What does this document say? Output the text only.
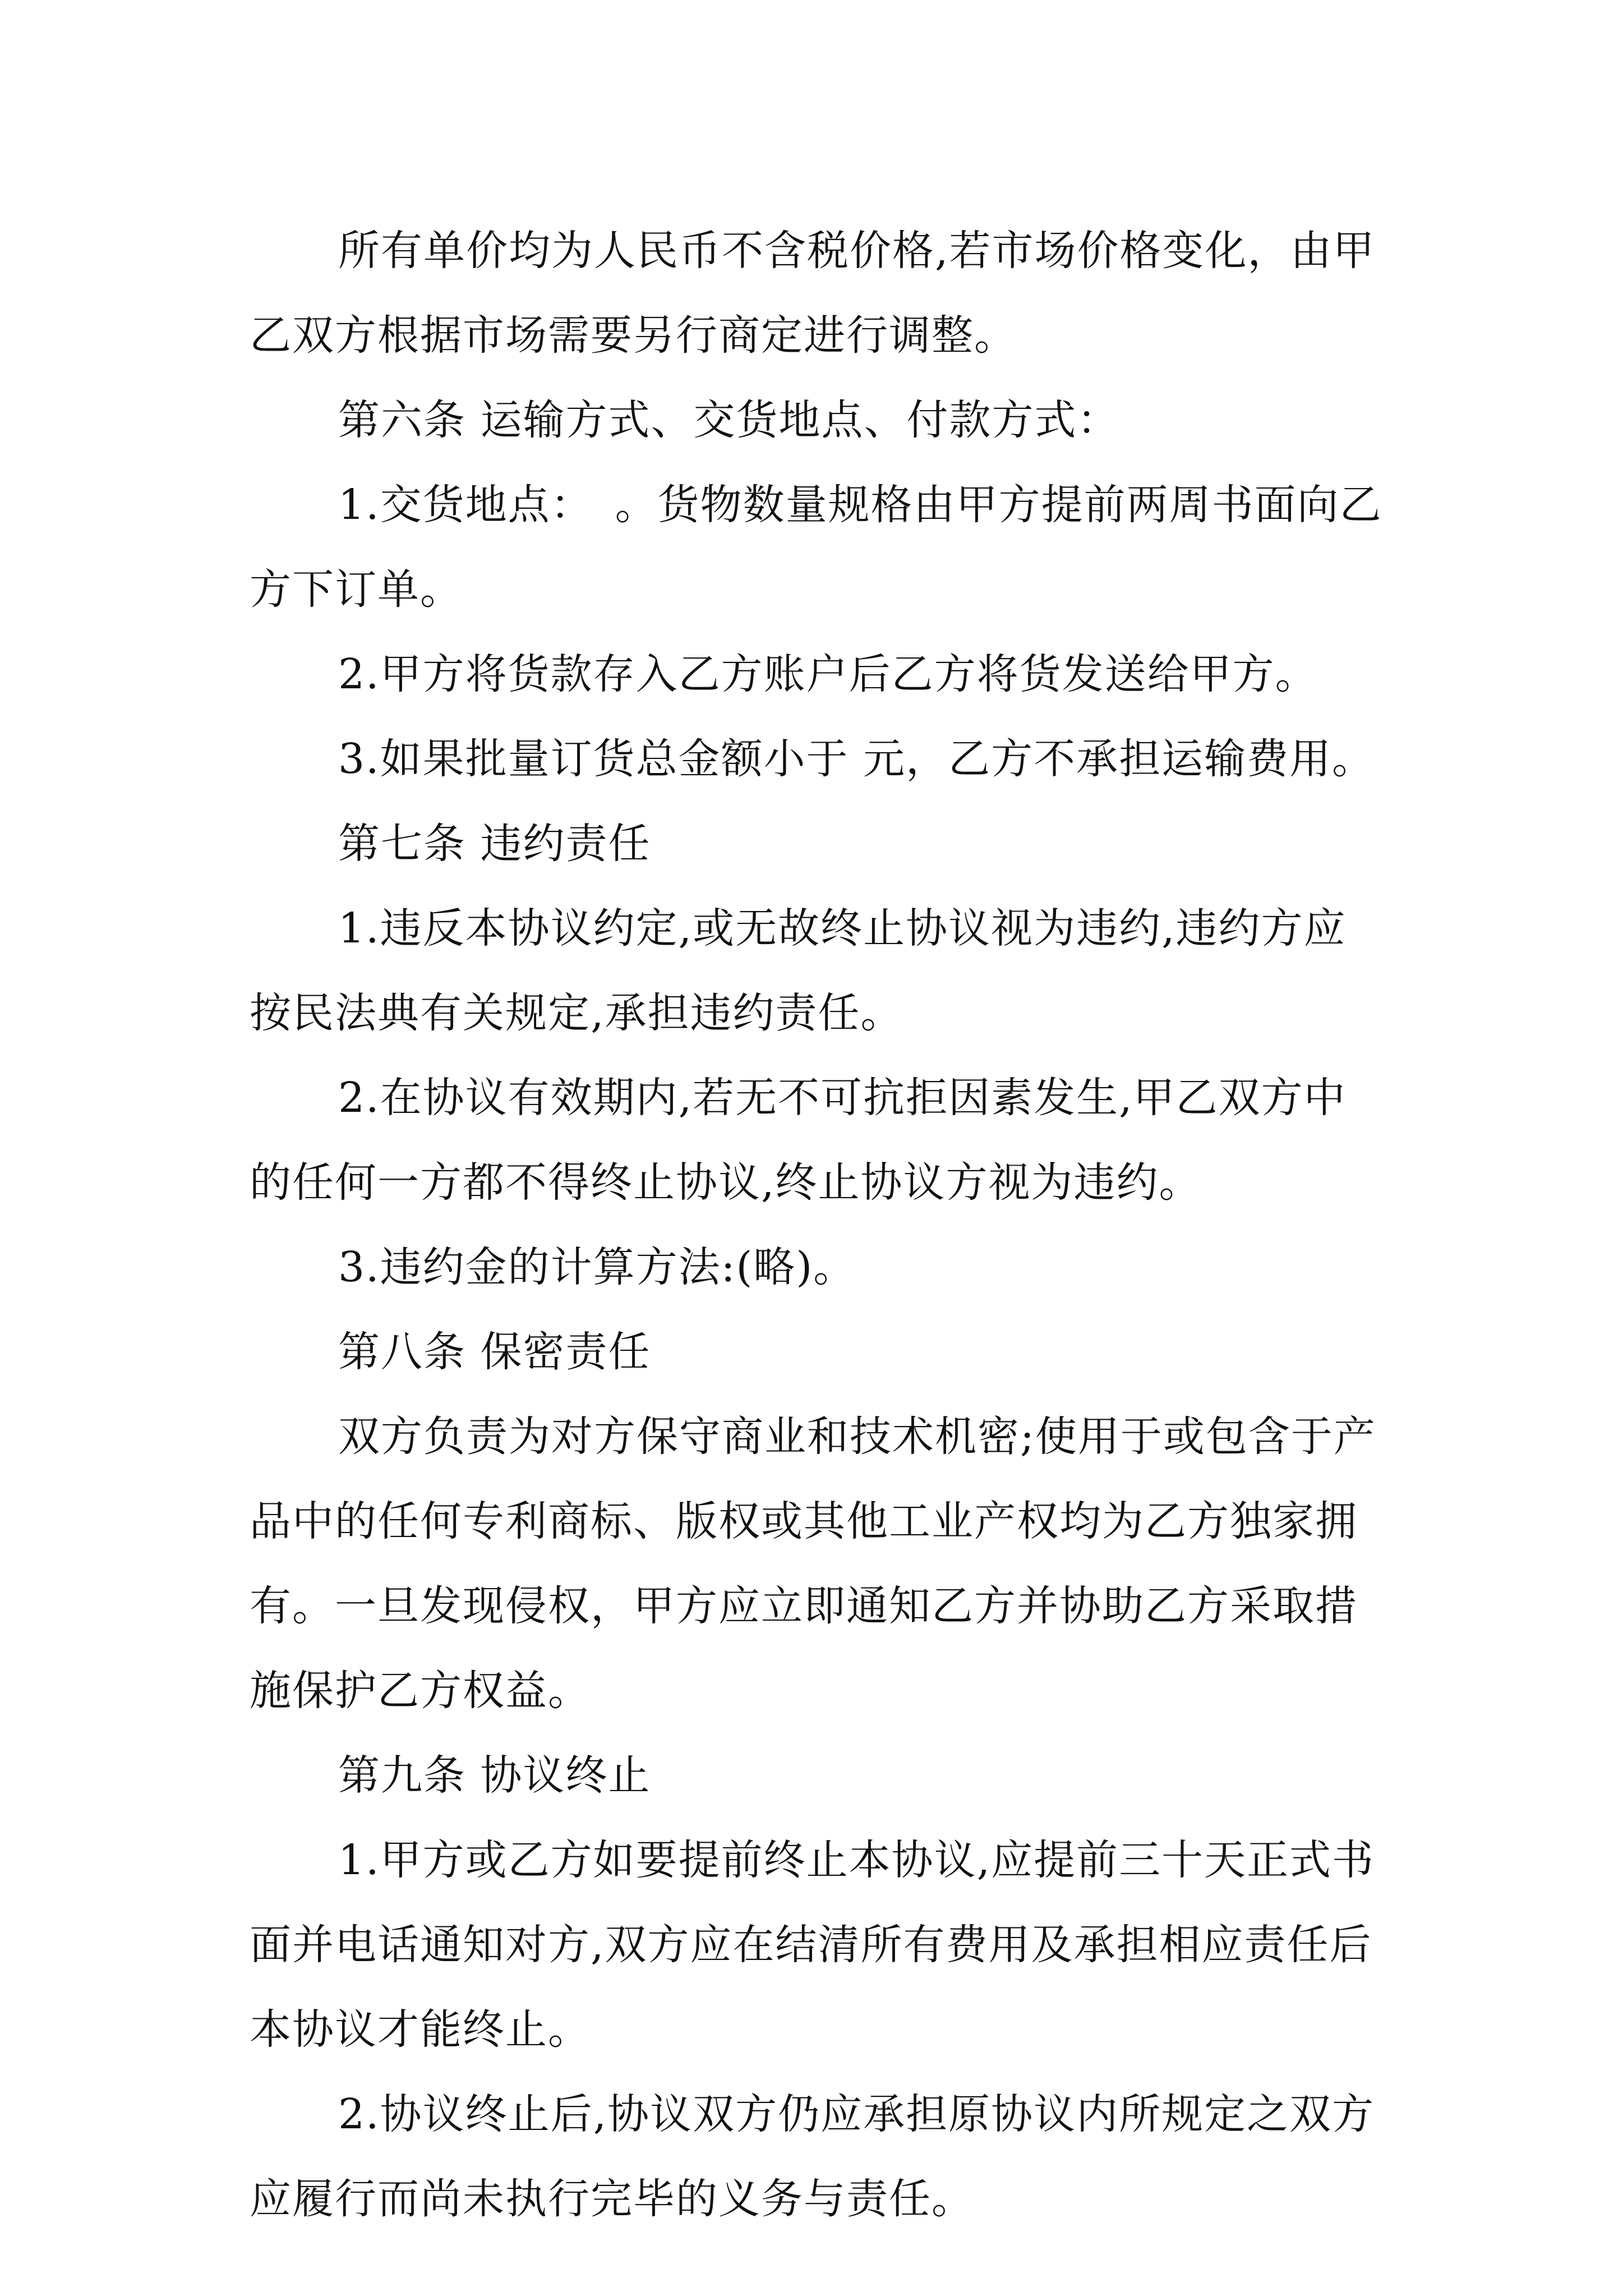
所有单价均为人民币不含税价格,若市场价格变化，由甲乙双方根据市场需要另行商定进行调整。

第六条 运输方式、交货地点、付款方式：

1.交货地点：　。货物数量规格由甲方提前两周书面向乙方下订单。

2.甲方将货款存入乙方账户后乙方将货发送给甲方。

3.如果批量订货总金额小于 元，乙方不承担运输费用。

第七条 违约责任

1.违反本协议约定,或无故终止协议视为违约,违约方应按民法典有关规定,承担违约责任。

2.在协议有效期内,若无不可抗拒因素发生,甲乙双方中的任何一方都不得终止协议,终止协议方视为违约。

3.违约金的计算方法:(略)。

第八条 保密责任

双方负责为对方保守商业和技术机密;使用于或包含于产品中的任何专利商标、版权或其他工业产权均为乙方独家拥有。一旦发现侵权，甲方应立即通知乙方并协助乙方采取措施保护乙方权益。

第九条 协议终止

1.甲方或乙方如要提前终止本协议,应提前三十天正式书面并电话通知对方,双方应在结清所有费用及承担相应责任后本协议才能终止。

2.协议终止后,协议双方仍应承担原协议内所规定之双方应履行而尚未执行完毕的义务与责任。
